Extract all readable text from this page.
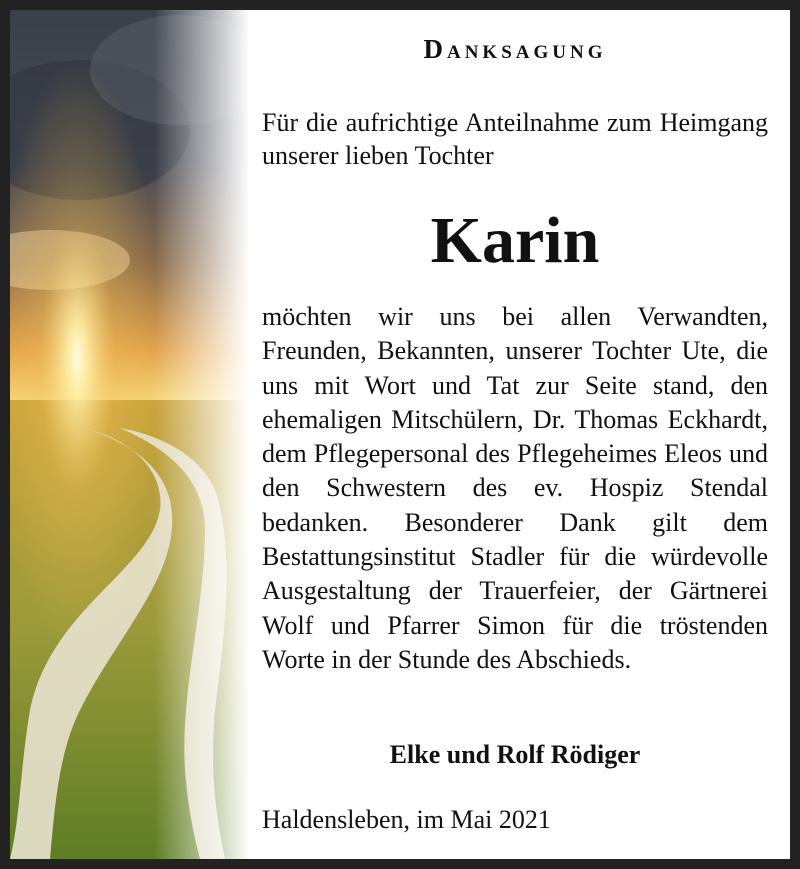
Danksagung
Für die aufrichtige Anteilnahme zum Heimgang unserer lieben Tochter
Karin
möchten wir uns bei allen Verwandten, Freunden, Bekannten, unserer Tochter Ute, die uns mit Wort und Tat zur Seite stand, den ehemaligen Mitschülern, Dr. Thomas Eckhardt, dem Pflegepersonal des Pflegeheimes Eleos und den Schwestern des ev. Hospiz Stendal bedanken. Besonderer Dank gilt dem Bestattungsinstitut Stadler für die würdevolle Ausgestaltung der Trauerfeier, der Gärtnerei Wolf und Pfarrer Simon für die tröstenden Worte in der Stunde des Abschieds.
Elke und Rolf Rödiger
Haldensleben, im Mai 2021
